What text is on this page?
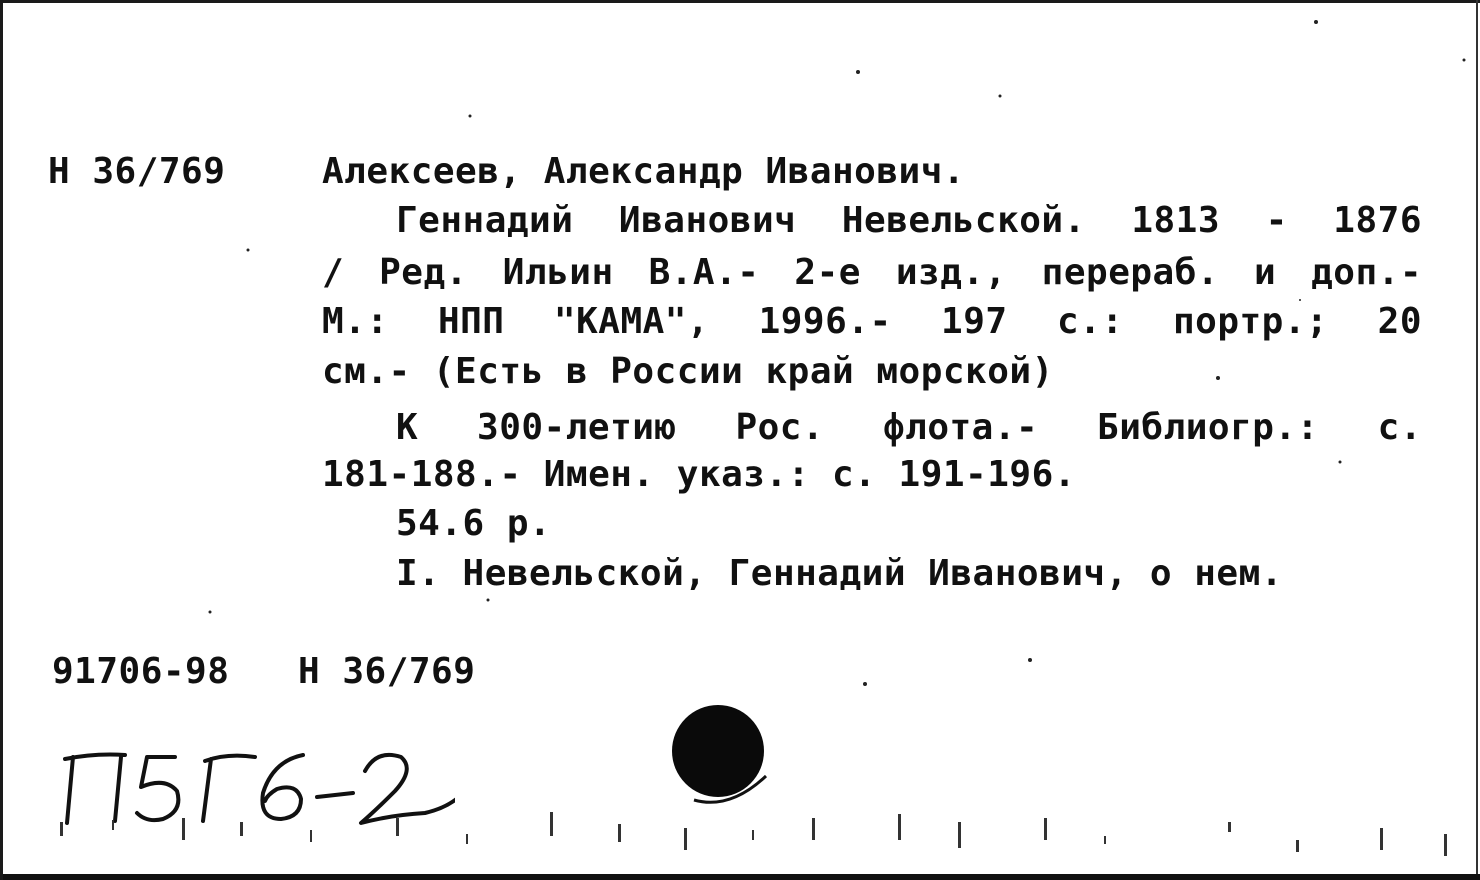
Н 36/769	Алексеев, Александр Иванович.
Геннадий Иванович Невельской. 1813 - 1876
/ Ред. Ильин В.А.- 2-е изд., перераб. и доп.-
М.: НПП "КАМА", 1996.- 197 с.: портр.; 20
см.- (Есть в России край морской)
К 300-летию Рос. флота.- Библиогр.: с.
181-188.- Имен. указ.: с. 191-196.
54.6 р.
I. Невельской, Геннадий Иванович, о нем.
91706-98 Н 36/769
